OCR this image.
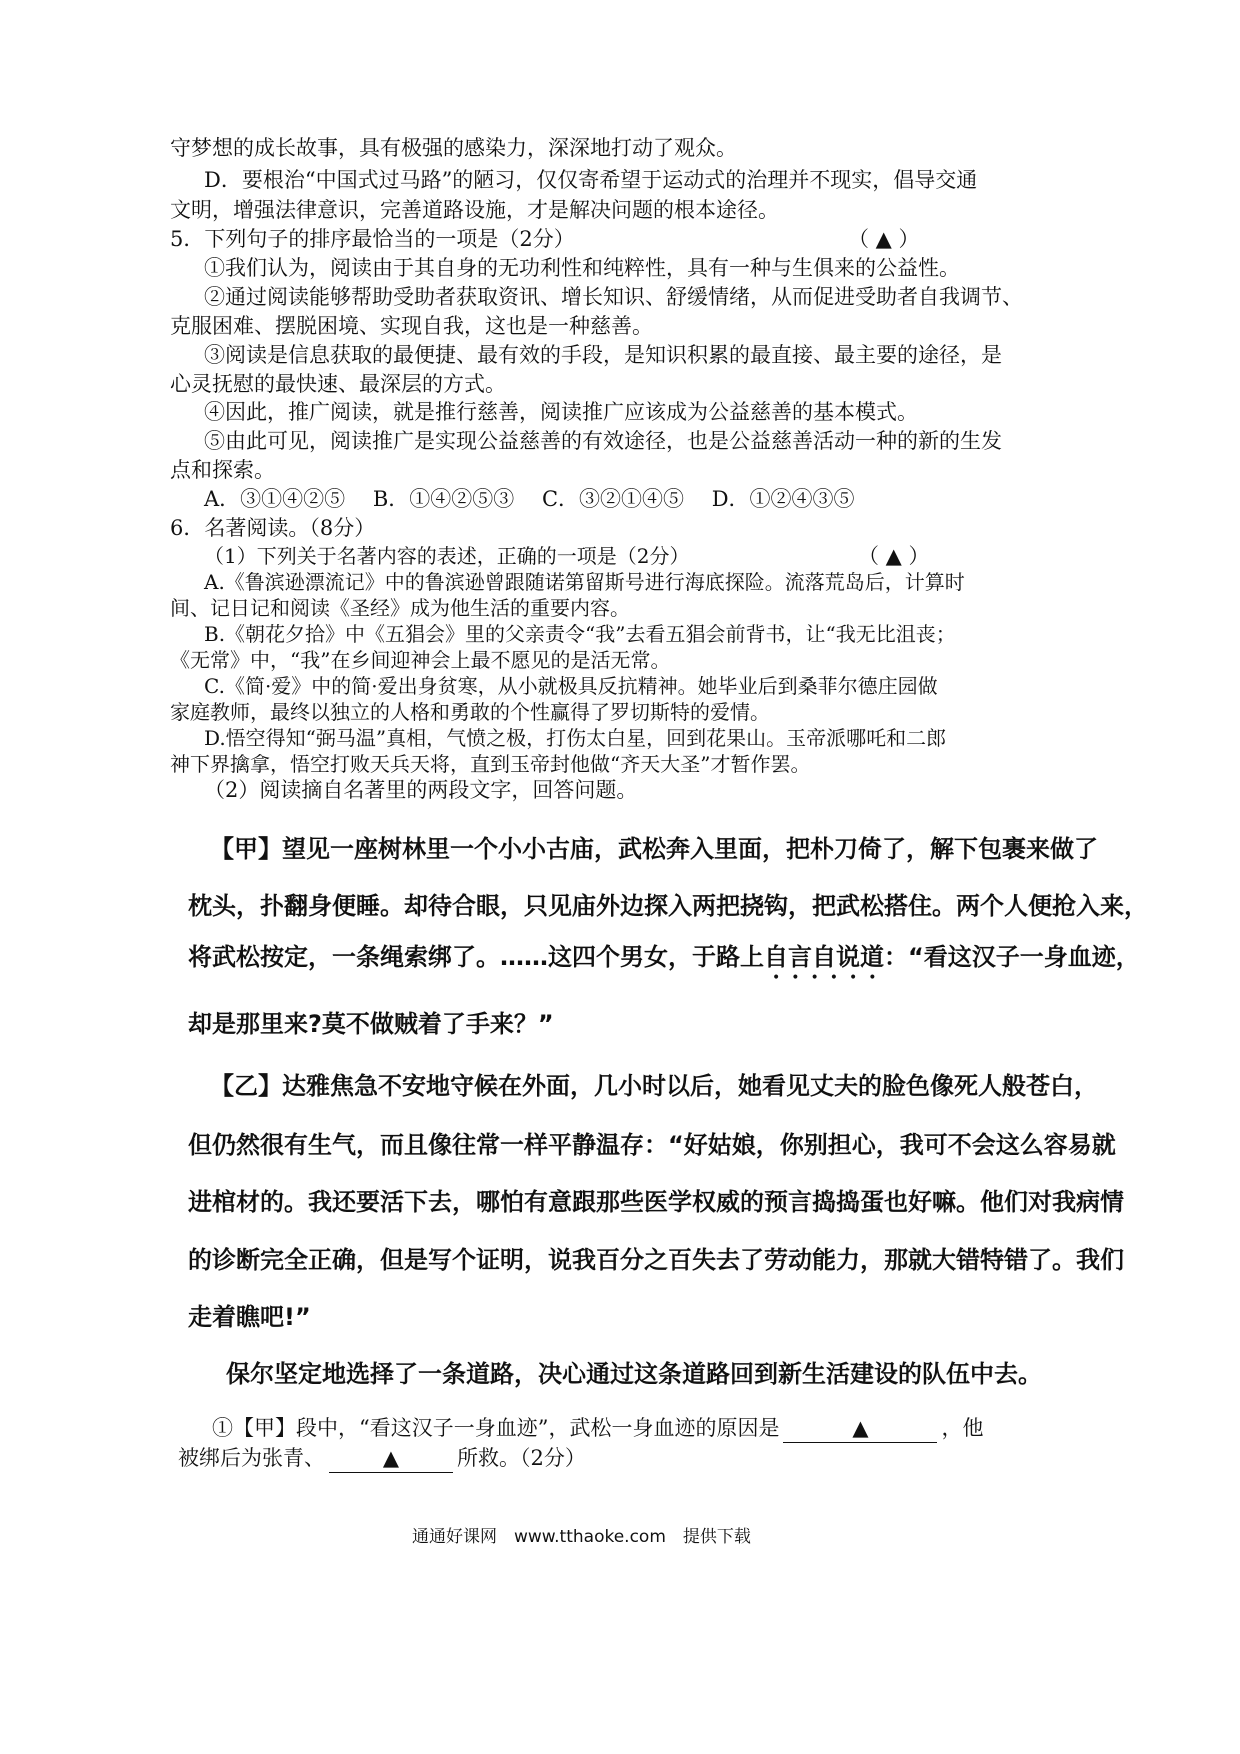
守梦想的成长故事，具有极强的感染力，深深地打动了观众。
D．要根治“中国式过马路”的陋习，仅仅寄希望于运动式的治理并不现实，倡导交通
文明，增强法律意识，完善道路设施，才是解决问题的根本途径。
5．下列句子的排序最恰当的一项是（2分）	（ ▲ ）
①我们认为，阅读由于其自身的无功利性和纯粹性，具有一种与生俱来的公益性。
②通过阅读能够帮助受助者获取资讯、增长知识、舒缓情绪，从而促进受助者自我调节、
克服困难、摆脱困境、实现自我，这也是一种慈善。
③阅读是信息获取的最便捷、最有效的手段，是知识积累的最直接、最主要的途径，是
心灵抚慰的最快速、最深层的方式。
④因此，推广阅读，就是推行慈善，阅读推广应该成为公益慈善的基本模式。
⑤由此可见，阅读推广是实现公益慈善的有效途径，也是公益慈善活动一种的新的生发
点和探索。
A．③①④②⑤　 B．①④②⑤③　 C．③②①④⑤　 D．①②④③⑤
6．名著阅读。（8分）
（1）下列关于名著内容的表述，正确的一项是（2分）	（ ▲ ）
A.《鲁滨逊漂流记》中的鲁滨逊曾跟随诺第留斯号进行海底探险。流落荒岛后，计算时
间、记日记和阅读《圣经》成为他生活的重要内容。
B.《朝花夕拾》中《五猖会》里的父亲责令“我”去看五猖会前背书，让“我无比沮丧；
《无常》中，“我”在乡间迎神会上最不愿见的是活无常。
C.《简·爱》中的简·爱出身贫寒，从小就极具反抗精神。她毕业后到桑菲尔德庄园做
家庭教师，最终以独立的人格和勇敢的个性赢得了罗切斯特的爱情。
D.悟空得知“弼马温”真相，气愤之极，打伤太白星，回到花果山。玉帝派哪吒和二郎
神下界擒拿，悟空打败天兵天将，直到玉帝封他做“齐天大圣”才暂作罢。
（2）阅读摘自名著里的两段文字，回答问题。
【甲】望见一座树林里一个小小古庙，武松奔入里面，把朴刀倚了，解下包裹来做了
枕头，扑翻身便睡。却待合眼，只见庙外边探入两把挠钩，把武松搭住。两个人便抢入来，
将武松按定，一条绳索绑了。……这四个男女，于路上自言自说道：“看这汉子一身血迹，
••••••
却是那里来?莫不做贼着了手来？”
【乙】达雅焦急不安地守候在外面，几小时以后，她看见丈夫的脸色像死人般苍白，
但仍然很有生气，而且像往常一样平静温存：“好姑娘，你别担心，我可不会这么容易就
进棺材的。我还要活下去，哪怕有意跟那些医学权威的预言捣捣蛋也好嘛。他们对我病情
的诊断完全正确，但是写个证明，说我百分之百失去了劳动能力，那就大错特错了。我们
走着瞧吧!”
保尔坚定地选择了一条道路，决心通过这条道路回到新生活建设的队伍中去。
①【甲】段中，“看这汉子一身血迹”，武松一身血迹的原因是	▲	，他
被绑后为张青、	▲	所救。（2分）
通通好课网　www.tthaoke.com　提供下载
